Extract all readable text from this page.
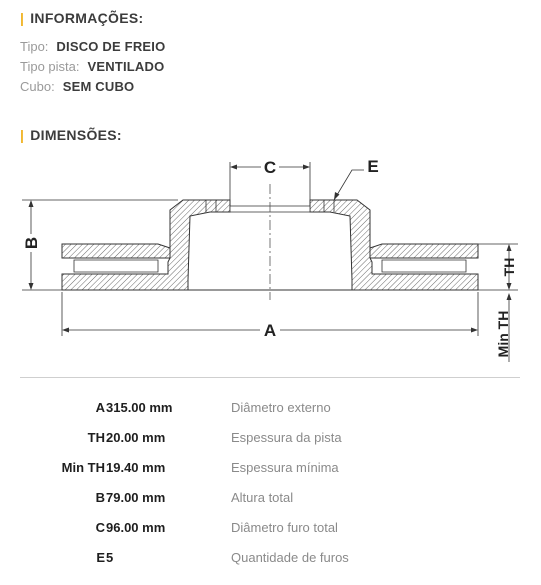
| INFORMAÇÕES:
Tipo: DISCO DE FREIO
Tipo pista: VENTILADO
Cubo: SEM CUBO
| DIMENSÕES:
C	E
B
TH
Min TH
A
A 315.00 mm	Diâmetro externo
TH 20.00 mm	Espessura da pista
Min TH 19.40 mm	Espessura mínima
B 79.00 mm	Altura total
C 96.00 mm	Diâmetro furo total
E 5	Quantidade de furos
